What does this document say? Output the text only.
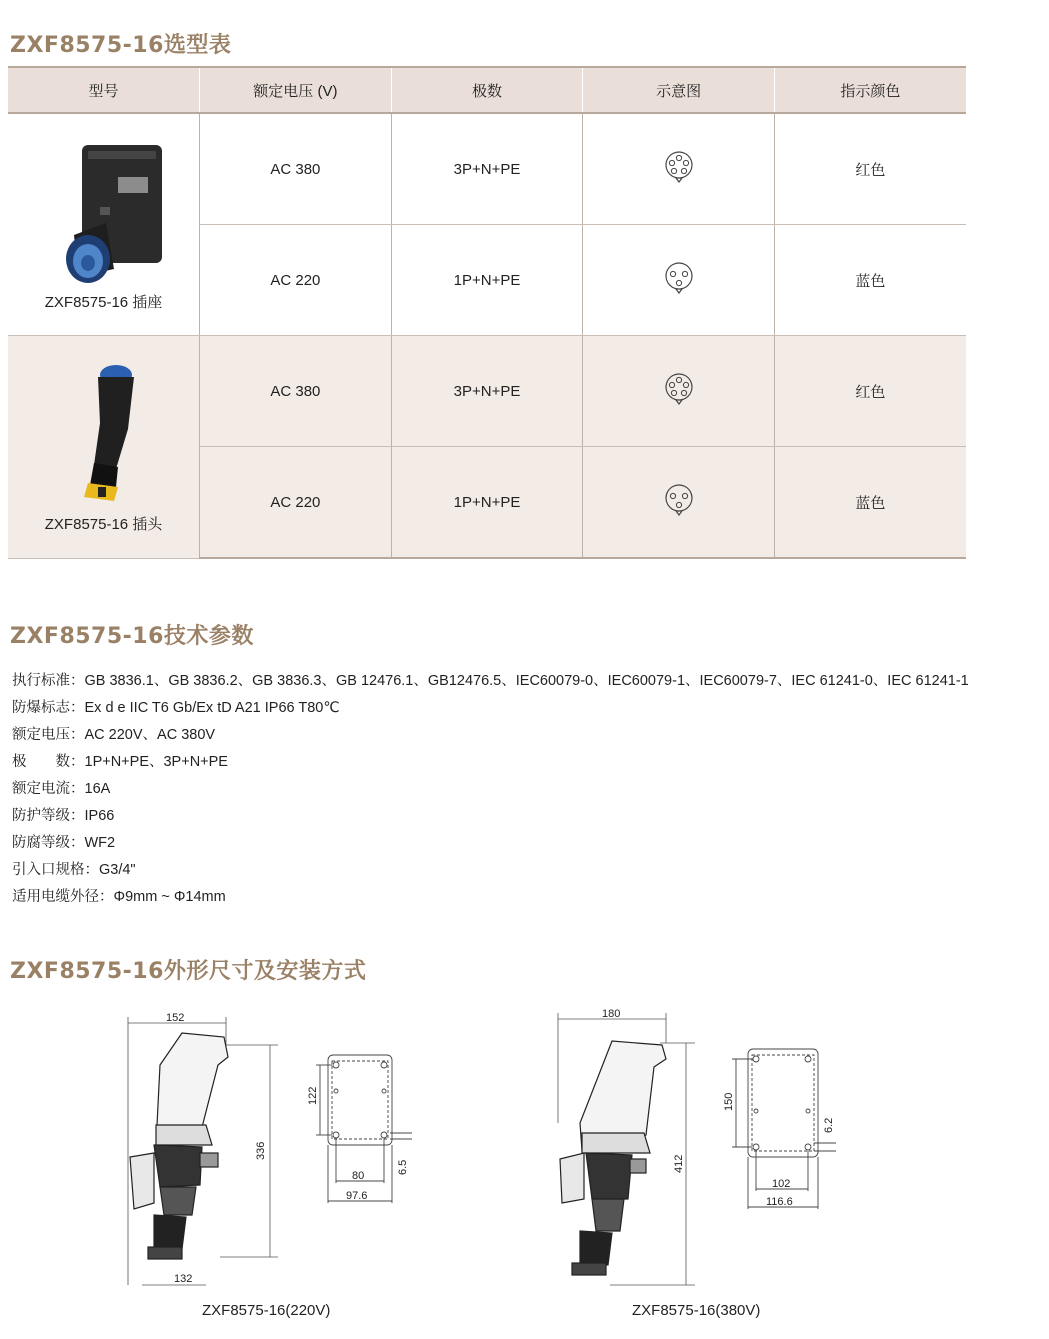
ZXF8575-16选型表
型号	额定电压 (V)	极数	示意图	指示颜色

ZXF8575-16 插座	AC 380	3P+N+PE		红色
	AC 220	1P+N+PE		蓝色

ZXF8575-16 插头	AC 380	3P+N+PE		红色
	AC 220	1P+N+PE		蓝色
ZXF8575-16技术参数
执行标准：GB 3836.1、GB 3836.2、GB 3836.3、GB 12476.1、GB12476.5、IEC60079-0、IEC60079-1、IEC60079-7、IEC 61241-0、IEC 61241-1
防爆标志：Ex d e IIC T6 Gb/Ex tD A21 IP66 T80℃
额定电压：AC 220V、AC 380V
极　　数：1P+N+PE、3P+N+PE
额定电流：16A
防护等级：IP66
防腐等级：WF2
引入口规格：G3/4"
适用电缆外径：Φ9mm ~ Φ14mm
ZXF8575-16外形尺寸及安装方式
152
336
132
122
80
97.6
6.5
ZXF8575-16(220V)
180
412
150
102
116.6
6.2
ZXF8575-16(380V)
